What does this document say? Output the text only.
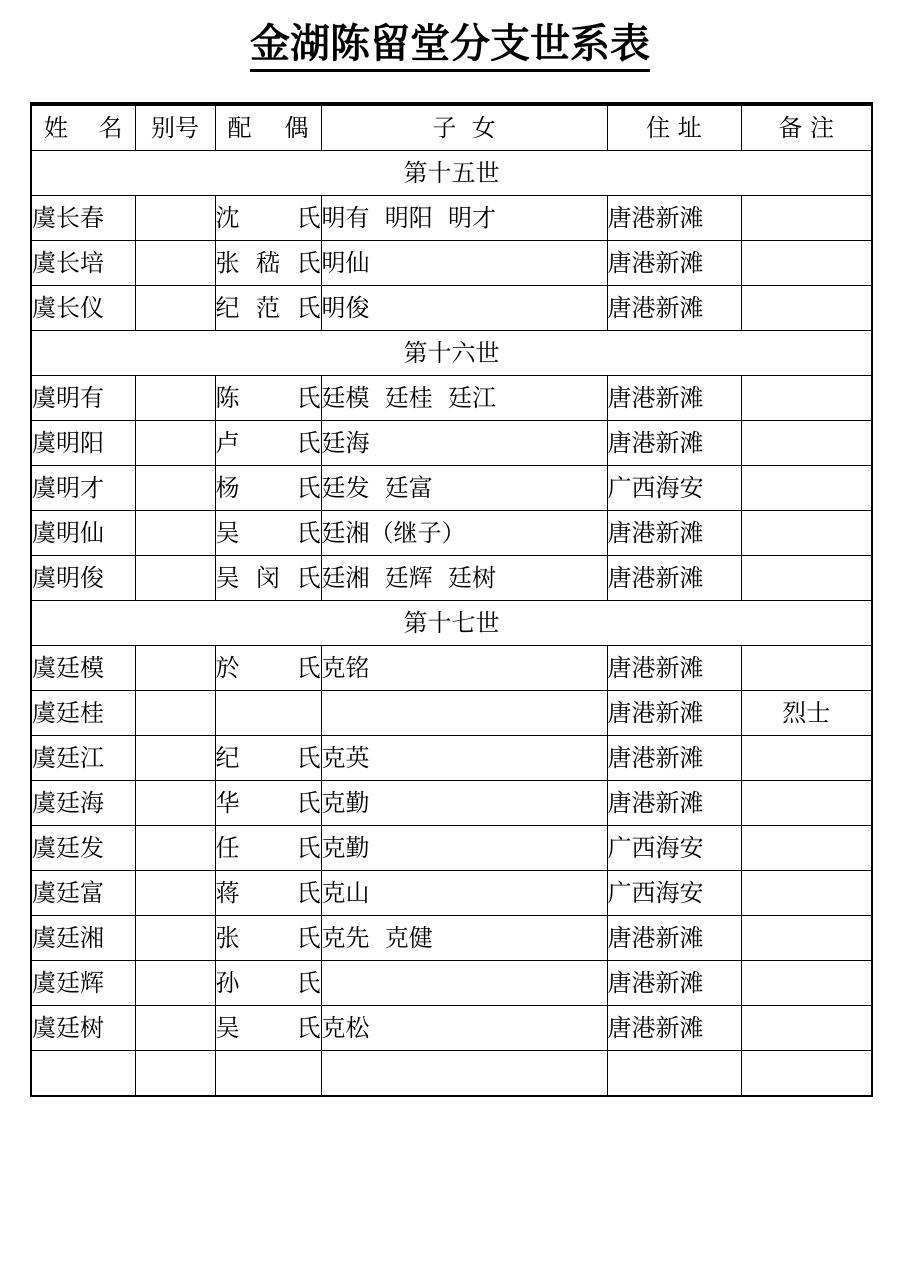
金湖陈留堂分支世系表
姓 名	别号	配 偶	子  女	住 址	备 注
第十五世					
虞长春		沈氏	明有  明阳  明才	唐港新滩	
虞长培		张嵇氏	明仙	唐港新滩	
虞长仪		纪范氏	明俊	唐港新滩	
第十六世					
虞明有		陈氏	廷模  廷桂  廷江	唐港新滩	
虞明阳		卢氏	廷海	唐港新滩	
虞明才		杨氏	廷发  廷富	广西海安	
虞明仙		吴氏	廷湘（继子）	唐港新滩	
虞明俊		吴闵氏	廷湘  廷辉  廷树	唐港新滩	
第十七世					
虞廷模		於氏	克铭	唐港新滩	
虞廷桂				唐港新滩	烈士
虞廷江		纪氏	克英	唐港新滩	
虞廷海		华氏	克勤	唐港新滩	
虞廷发		任氏	克勤	广西海安	
虞廷富		蒋氏	克山	广西海安	
虞廷湘		张氏	克先  克健	唐港新滩	
虞廷辉		孙氏		唐港新滩	
虞廷树		吴氏	克松	唐港新滩	
